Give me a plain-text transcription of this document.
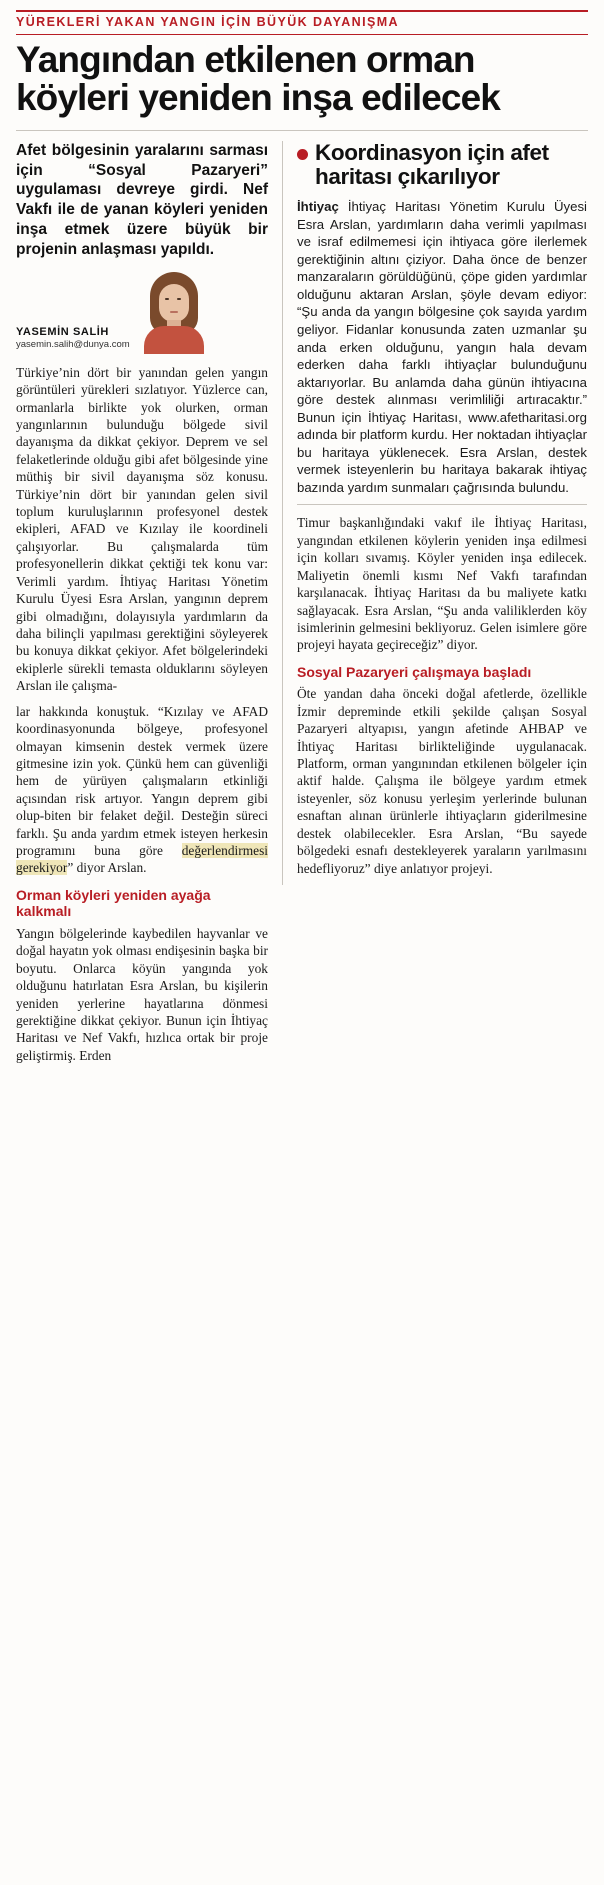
YÜREKLERİ YAKAN YANGIN İÇİN BÜYÜK DAYANIŞMA
Yangından etkilenen orman köyleri yeniden inşa edilecek
Afet bölgesinin yaralarını sarması için “Sosyal Pazaryeri” uygulaması devreye girdi. Nef Vakfı ile de yanan köyleri yeniden inşa etmek üzere büyük bir projenin anlaşması yapıldı.
YASEMİN SALİH
yasemin.salih@dunya.com

Türkiye’nin dört bir yanından gelen yangın görüntüleri yürekleri sızlatıyor. Yüzlerce can, ormanlarla birlikte yok olurken, orman yangınlarının bulunduğu bölgede sivil dayanışma da dikkat çekiyor. Deprem ve sel felaketlerinde olduğu gibi afet bölgesinde yine müthiş bir sivil dayanışma söz konusu. Türkiye’nin dört bir yanından gelen sivil toplum kuruluşlarının profesyonel destek ekipleri, AFAD ve Kızılay ile koordineli çalışıyorlar. Bu çalışmalarda tüm profesyonellerin dikkat çektiği tek konu var: Verimli yardım. İhtiyaç Haritası Yönetim Kurulu Üyesi Esra Arslan, yangının deprem gibi olmadığını, dolayısıyla yardımların da daha bilinçli yapılması gerektiğini söyleyerek bu konuya dikkat çekiyor. Afet bölgelerindeki ekiplerle sürekli temasta olduklarını söyleyen Arslan ile çalışma-

lar hakkında konuştuk. “Kızılay ve AFAD koordinasyonunda bölgeye, profesyonel olmayan kimsenin destek vermek üzere gitmesine izin yok. Çünkü hem can güvenliği hem de yürüyen çalışmaların etkinliği açısından risk artıyor. Yangın deprem gibi olup-biten bir felaket değil. Desteğin süreci farklı. Şu anda yardım etmek isteyen herkesin programını buna göre değerlendirmesi gerekiyor” diyor Arslan.

Orman köyleri yeniden ayağa kalkmalı

Yangın bölgelerinde kaybedilen hayvanlar ve doğal hayatın yok olması endişesinin başka bir boyutu. Onlarca köyün yangında yok olduğunu hatırlatan Esra Arslan, bu kişilerin yeniden yerlerine hayatlarına dönmesi gerektiğine dikkat çekiyor. Bunun için İhtiyaç Haritası ve Nef Vakfı, hızlıca ortak bir proje geliştirmiş. Erden

Koordinasyon için afet haritası çıkarılıyor

İhtiyaç İhtiyaç Haritası Yönetim Kurulu Üyesi Esra Arslan, yardımların daha verimli yapılması ve israf edilmemesi için ihtiyaca göre ilerlemek gerektiğinin altını çiziyor. Daha önce de benzer manzaraların görüldüğünü, çöpe giden yardımlar olduğunu aktaran Arslan, şöyle devam ediyor: “Şu anda da yangın bölgesine çok sayıda yardım geliyor. Fidanlar konusunda zaten uzmanlar şu anda erken olduğunu, yangın hala devam ederken daha farklı ihtiyaçlar bulunduğunu aktarıyorlar. Bu anlamda daha günün ihtiyacına göre destek alınması verimliliği artıracaktır.” Bunun için İhtiyaç Haritası, www.afetharitasi.org adında bir platform kurdu. Her noktadan ihtiyaçlar bu haritaya yüklenecek. Esra Arslan, destek vermek isteyenlerin bu haritaya bakarak ihtiyaç bazında yardım sunmaları çağrısında bulundu.

Timur başkanlığındaki vakıf ile İhtiyaç Haritası, yangından etkilenen köylerin yeniden inşa edilmesi için kolları sıvamış. Köyler yeniden inşa edilecek. Maliyetin önemli kısmı Nef Vakfı tarafından karşılanacak. İhtiyaç Haritası da bu maliyete katkı sağlayacak. Esra Arslan, “Şu anda valiliklerden köy isimlerinin gelmesini bekliyoruz. Gelen isimlere göre projeyi hayata geçireceğiz” diyor.

Sosyal Pazaryeri çalışmaya başladı

Öte yandan daha önceki doğal afetlerde, özellikle İzmir depreminde etkili şekilde çalışan Sosyal Pazaryeri altyapısı, yangın afetinde AHBAP ve İhtiyaç Haritası birlikteliğinde uygulanacak. Platform, orman yangınından etkilenen bölgeler için aktif halde. Çalışma ile bölgeye yardım etmek isteyenler, söz konusu yerleşim yerlerinde bulunan esnaftan alınan ürünlerle ihtiyaçların giderilmesine destek olabilecekler. Esra Arslan, “Bu sayede bölgedeki esnafı destekleyerek yaraların yarılmasını hedefliyoruz” diye anlatıyor projeyi.
